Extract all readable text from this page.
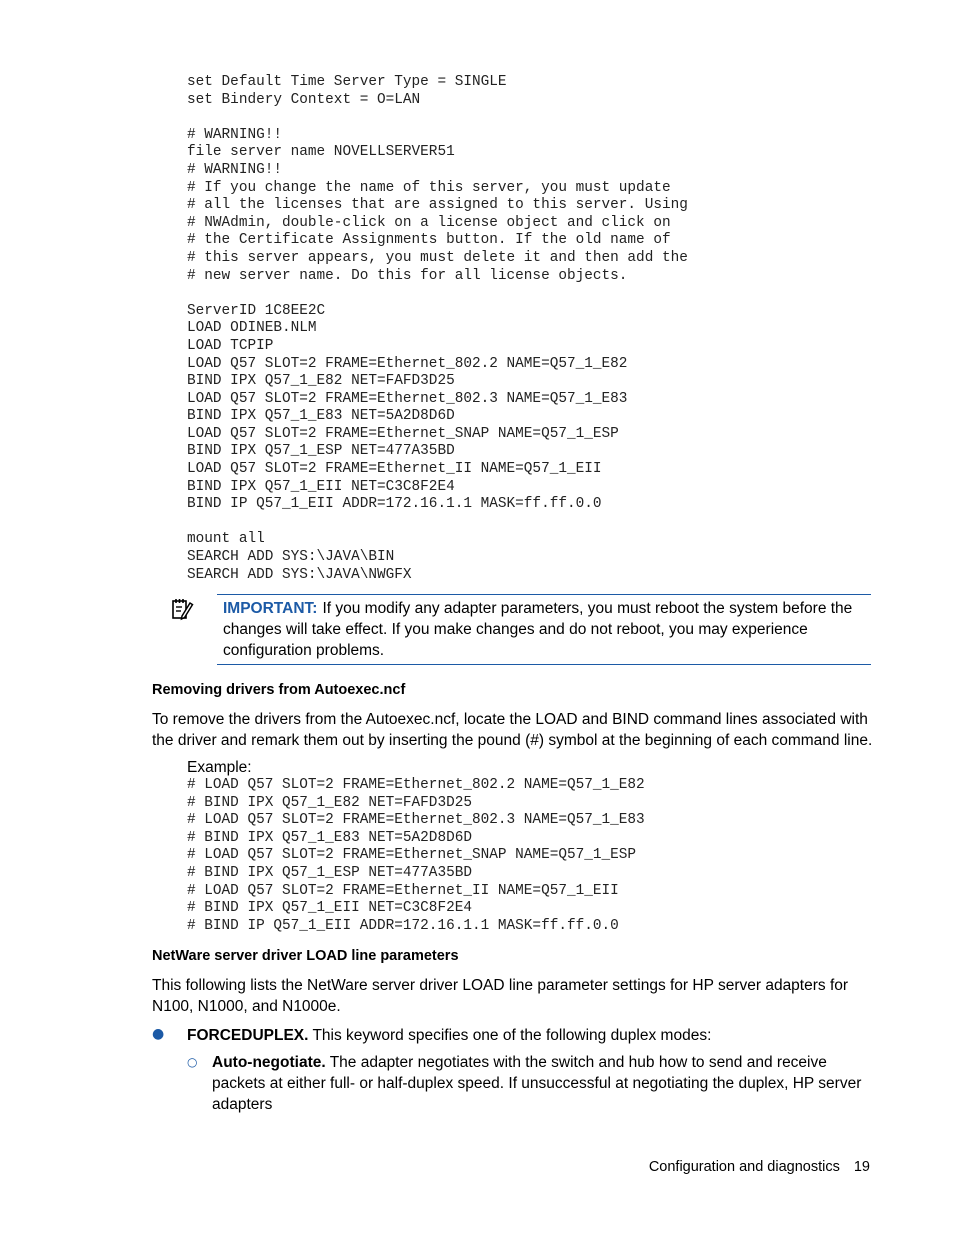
set Default Time Server Type = SINGLE
set Bindery Context = O=LAN

# WARNING!!
file server name NOVELLSERVER51
# WARNING!!
# If you change the name of this server, you must update
# all the licenses that are assigned to this server. Using
# NWAdmin, double-click on a license object and click on
# the Certificate Assignments button. If the old name of
# this server appears, you must delete it and then add the
# new server name. Do this for all license objects.

ServerID 1C8EE2C
LOAD ODINEB.NLM
LOAD TCPIP
LOAD Q57 SLOT=2 FRAME=Ethernet_802.2 NAME=Q57_1_E82
BIND IPX Q57_1_E82 NET=FAFD3D25
LOAD Q57 SLOT=2 FRAME=Ethernet_802.3 NAME=Q57_1_E83
BIND IPX Q57_1_E83 NET=5A2D8D6D
LOAD Q57 SLOT=2 FRAME=Ethernet_SNAP NAME=Q57_1_ESP
BIND IPX Q57_1_ESP NET=477A35BD
LOAD Q57 SLOT=2 FRAME=Ethernet_II NAME=Q57_1_EII
BIND IPX Q57_1_EII NET=C3C8F2E4
BIND IP Q57_1_EII ADDR=172.16.1.1 MASK=ff.ff.0.0

mount all
SEARCH ADD SYS:\JAVA\BIN
SEARCH ADD SYS:\JAVA\NWGFX
IMPORTANT: If you modify any adapter parameters, you must reboot the system before the changes will take effect. If you make changes and do not reboot, you may experience configuration problems.
Removing drivers from Autoexec.ncf
To remove the drivers from the Autoexec.ncf, locate the LOAD and BIND command lines associated with the driver and remark them out by inserting the pound (#) symbol at the beginning of each command line.
Example:
# LOAD Q57 SLOT=2 FRAME=Ethernet_802.2 NAME=Q57_1_E82
# BIND IPX Q57_1_E82 NET=FAFD3D25
# LOAD Q57 SLOT=2 FRAME=Ethernet_802.3 NAME=Q57_1_E83
# BIND IPX Q57_1_E83 NET=5A2D8D6D
# LOAD Q57 SLOT=2 FRAME=Ethernet_SNAP NAME=Q57_1_ESP
# BIND IPX Q57_1_ESP NET=477A35BD
# LOAD Q57 SLOT=2 FRAME=Ethernet_II NAME=Q57_1_EII
# BIND IPX Q57_1_EII NET=C3C8F2E4
# BIND IP Q57_1_EII ADDR=172.16.1.1 MASK=ff.ff.0.0
NetWare server driver LOAD line parameters
This following lists the NetWare server driver LOAD line parameter settings for HP server adapters for N100, N1000, and N1000e.
● FORCEDUPLEX. This keyword specifies one of the following duplex modes:
○ Auto-negotiate. The adapter negotiates with the switch and hub how to send and receive packets at either full- or half-duplex speed. If unsuccessful at negotiating the duplex, HP server adapters
Configuration and diagnostics 19
